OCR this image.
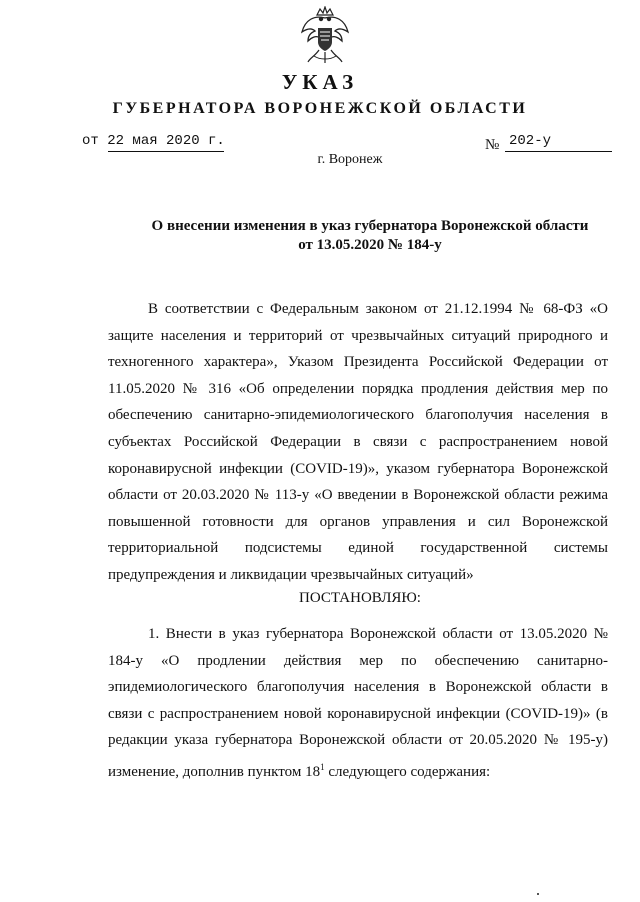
УКАЗ
ГУБЕРНАТОРА ВОРОНЕЖСКОЙ ОБЛАСТИ
от 22 мая 2020 г.	№ 202-у
г. Воронеж
О внесении изменения в указ губернатора Воронежской области
от 13.05.2020 № 184-у
В соответствии с Федеральным законом от 21.12.1994 № 68-ФЗ «О защите населения и территорий от чрезвычайных ситуаций природного и техногенного характера», Указом Президента Российской Федерации от 11.05.2020 № 316 «Об определении порядка продления действия мер по обеспечению санитарно-эпидемиологического благополучия населения в субъектах Российской Федерации в связи с распространением новой коронавирусной инфекции (COVID-19)», указом губернатора Воронежской области от 20.03.2020 № 113-у «О введении в Воронежской области режима повышенной готовности для органов управления и сил Воронежской территориальной подсистемы единой государственной системы предупреждения и ликвидации чрезвычайных ситуаций»
ПОСТАНОВЛЯЮ:
1. Внести в указ губернатора Воронежской области от 13.05.2020 № 184-у «О продлении действия мер по обеспечению санитарно-эпидемиологического благополучия населения в Воронежской области в связи с распространением новой коронавирусной инфекции (COVID-19)» (в редакции указа губернатора Воронежской области от 20.05.2020 № 195-у) изменение, дополнив пунктом $18^1$ следующего содержания:
